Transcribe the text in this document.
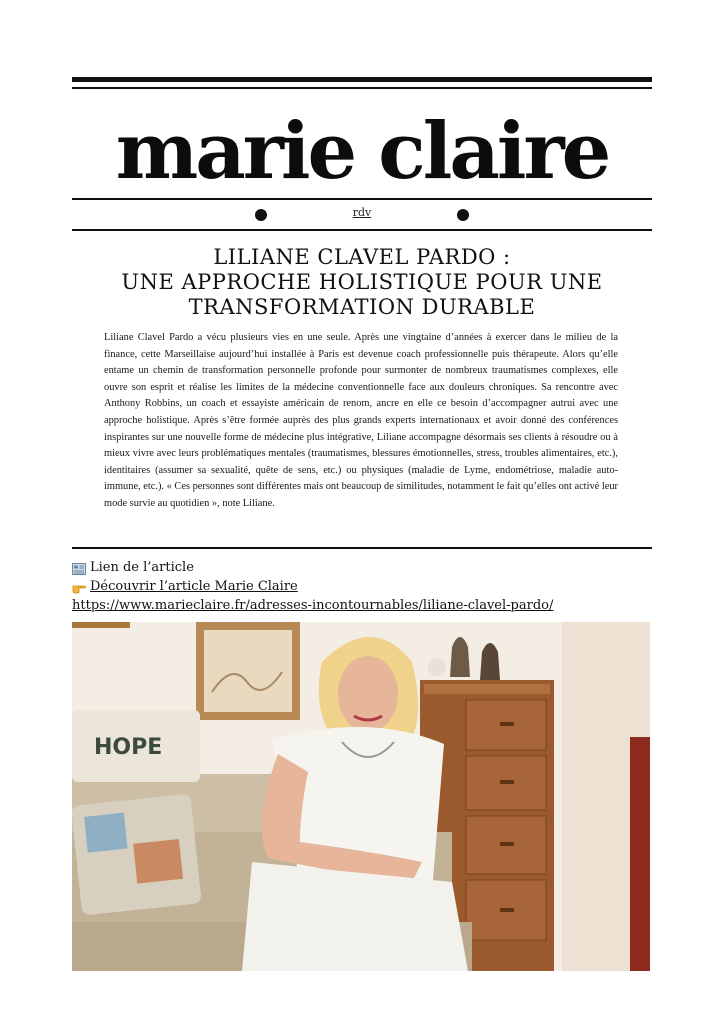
marie claire
rdv
LILIANE CLAVEL PARDO :
UNE APPROCHE HOLISTIQUE POUR UNE
TRANSFORMATION DURABLE

Liliane Clavel Pardo a vécu plusieurs vies en une seule. Après une vingtaine d’années à exercer dans le milieu de la finance, cette Marseillaise aujourd’hui installée à Paris est devenue coach professionnelle puis thérapeute. Alors qu’elle entame un chemin de transformation personnelle profonde pour surmonter de nombreux traumatismes complexes, elle ouvre son esprit et réalise les limites de la médecine conventionnelle face aux douleurs chroniques. Sa rencontre avec Anthony Robbins, un coach et essayiste américain de renom, ancre en elle ce besoin d’accompagner autrui avec une approche holistique. Après s’être formée auprès des plus grands experts internationaux et avoir donné des conférences inspirantes sur une nouvelle forme de médecine plus intégrative, Liliane accompagne désormais ses clients à résoudre ou à mieux vivre avec leurs problématiques mentales (traumatismes, blessures émotionnelles, stress, troubles alimentaires, etc.), identitaires (assumer sa sexualité, quête de sens, etc.) ou physiques (maladie de Lyme, endométriose, maladie auto-immune, etc.). « Ces personnes sont différentes mais ont beaucoup de similitudes, notamment le fait qu’elles ont activé leur mode survie au quotidien », note Liliane.

Lien de l’article
Découvrir l’article Marie Claire
https://www.marieclaire.fr/adresses-incontournables/liliane-clavel-pardo/
HOPE
